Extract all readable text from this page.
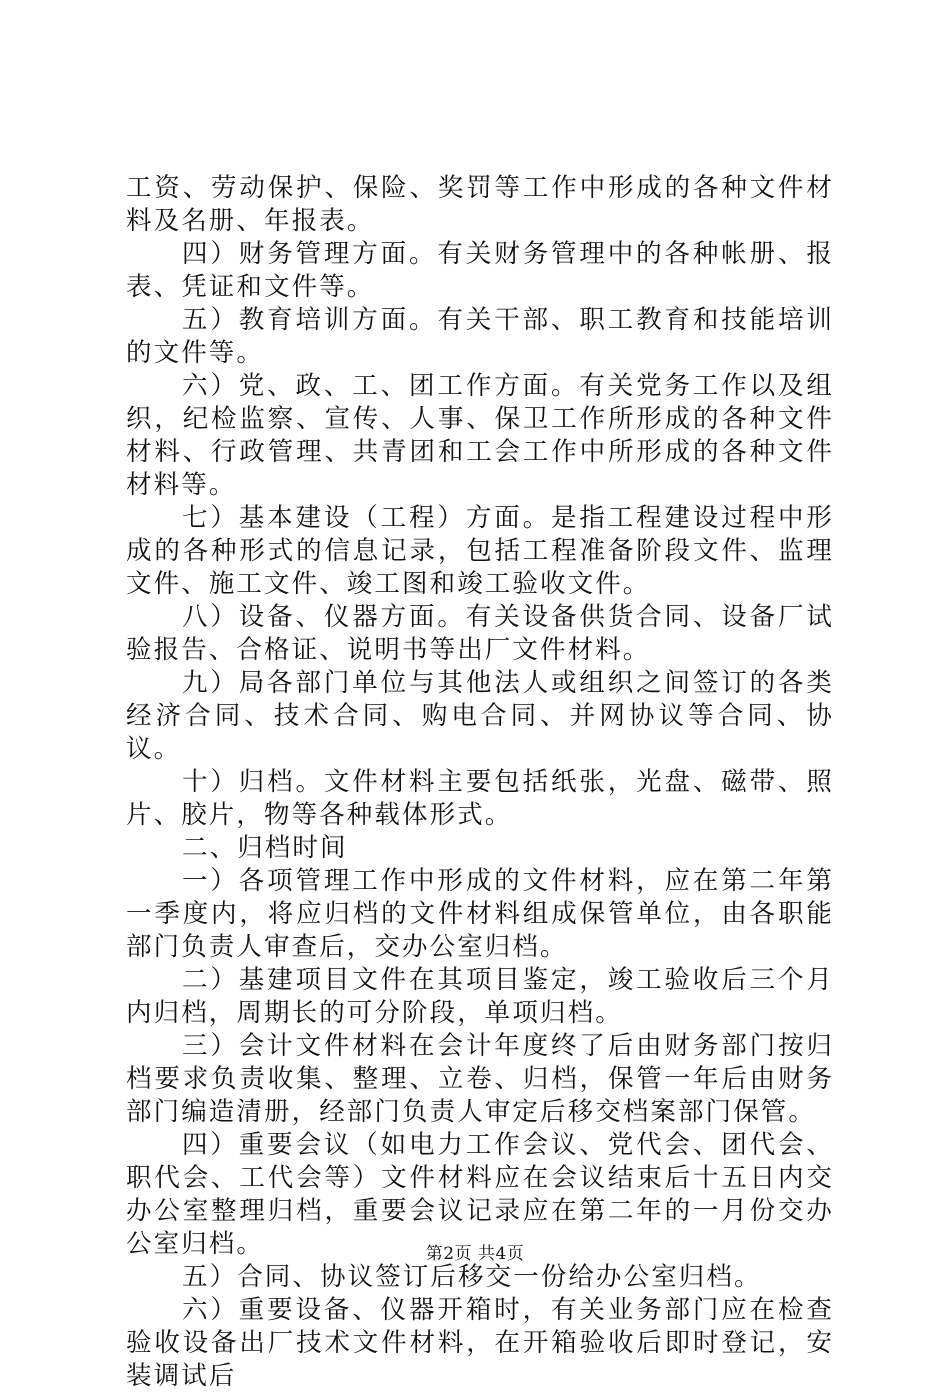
工资、劳动保护、保险、奖罚等工作中形成的各种文件材料及名册、年报表。

四）财务管理方面。有关财务管理中的各种帐册、报表、凭证和文件等。

五）教育培训方面。有关干部、职工教育和技能培训的文件等。

六）党、政、工、团工作方面。有关党务工作以及组织，纪检监察、宣传、人事、保卫工作所形成的各种文件材料、行政管理、共青团和工会工作中所形成的各种文件材料等。

七）基本建设（工程）方面。是指工程建设过程中形成的各种形式的信息记录，包括工程准备阶段文件、监理文件、施工文件、竣工图和竣工验收文件。

八）设备、仪器方面。有关设备供货合同、设备厂试验报告、合格证、说明书等出厂文件材料。

九）局各部门单位与其他法人或组织之间签订的各类经济合同、技术合同、购电合同、并网协议等合同、协议。

十）归档。文件材料主要包括纸张，光盘、磁带、照片、胶片，物等各种载体形式。

二、归档时间

一）各项管理工作中形成的文件材料，应在第二年第一季度内，将应归档的文件材料组成保管单位，由各职能部门负责人审查后，交办公室归档。

二）基建项目文件在其项目鉴定，竣工验收后三个月内归档，周期长的可分阶段，单项归档。

三）会计文件材料在会计年度终了后由财务部门按归档要求负责收集、整理、立卷、归档，保管一年后由财务部门编造清册，经部门负责人审定后移交档案部门保管。

四）重要会议（如电力工作会议、党代会、团代会、职代会、工代会等）文件材料应在会议结束后十五日内交办公室整理归档，重要会议记录应在第二年的一月份交办公室归档。

五）合同、协议签订后移交一份给办公室归档。

六）重要设备、仪器开箱时，有关业务部门应在检查验收设备出厂技术文件材料，在开箱验收后即时登记，安装调试后

第2页 共4页
